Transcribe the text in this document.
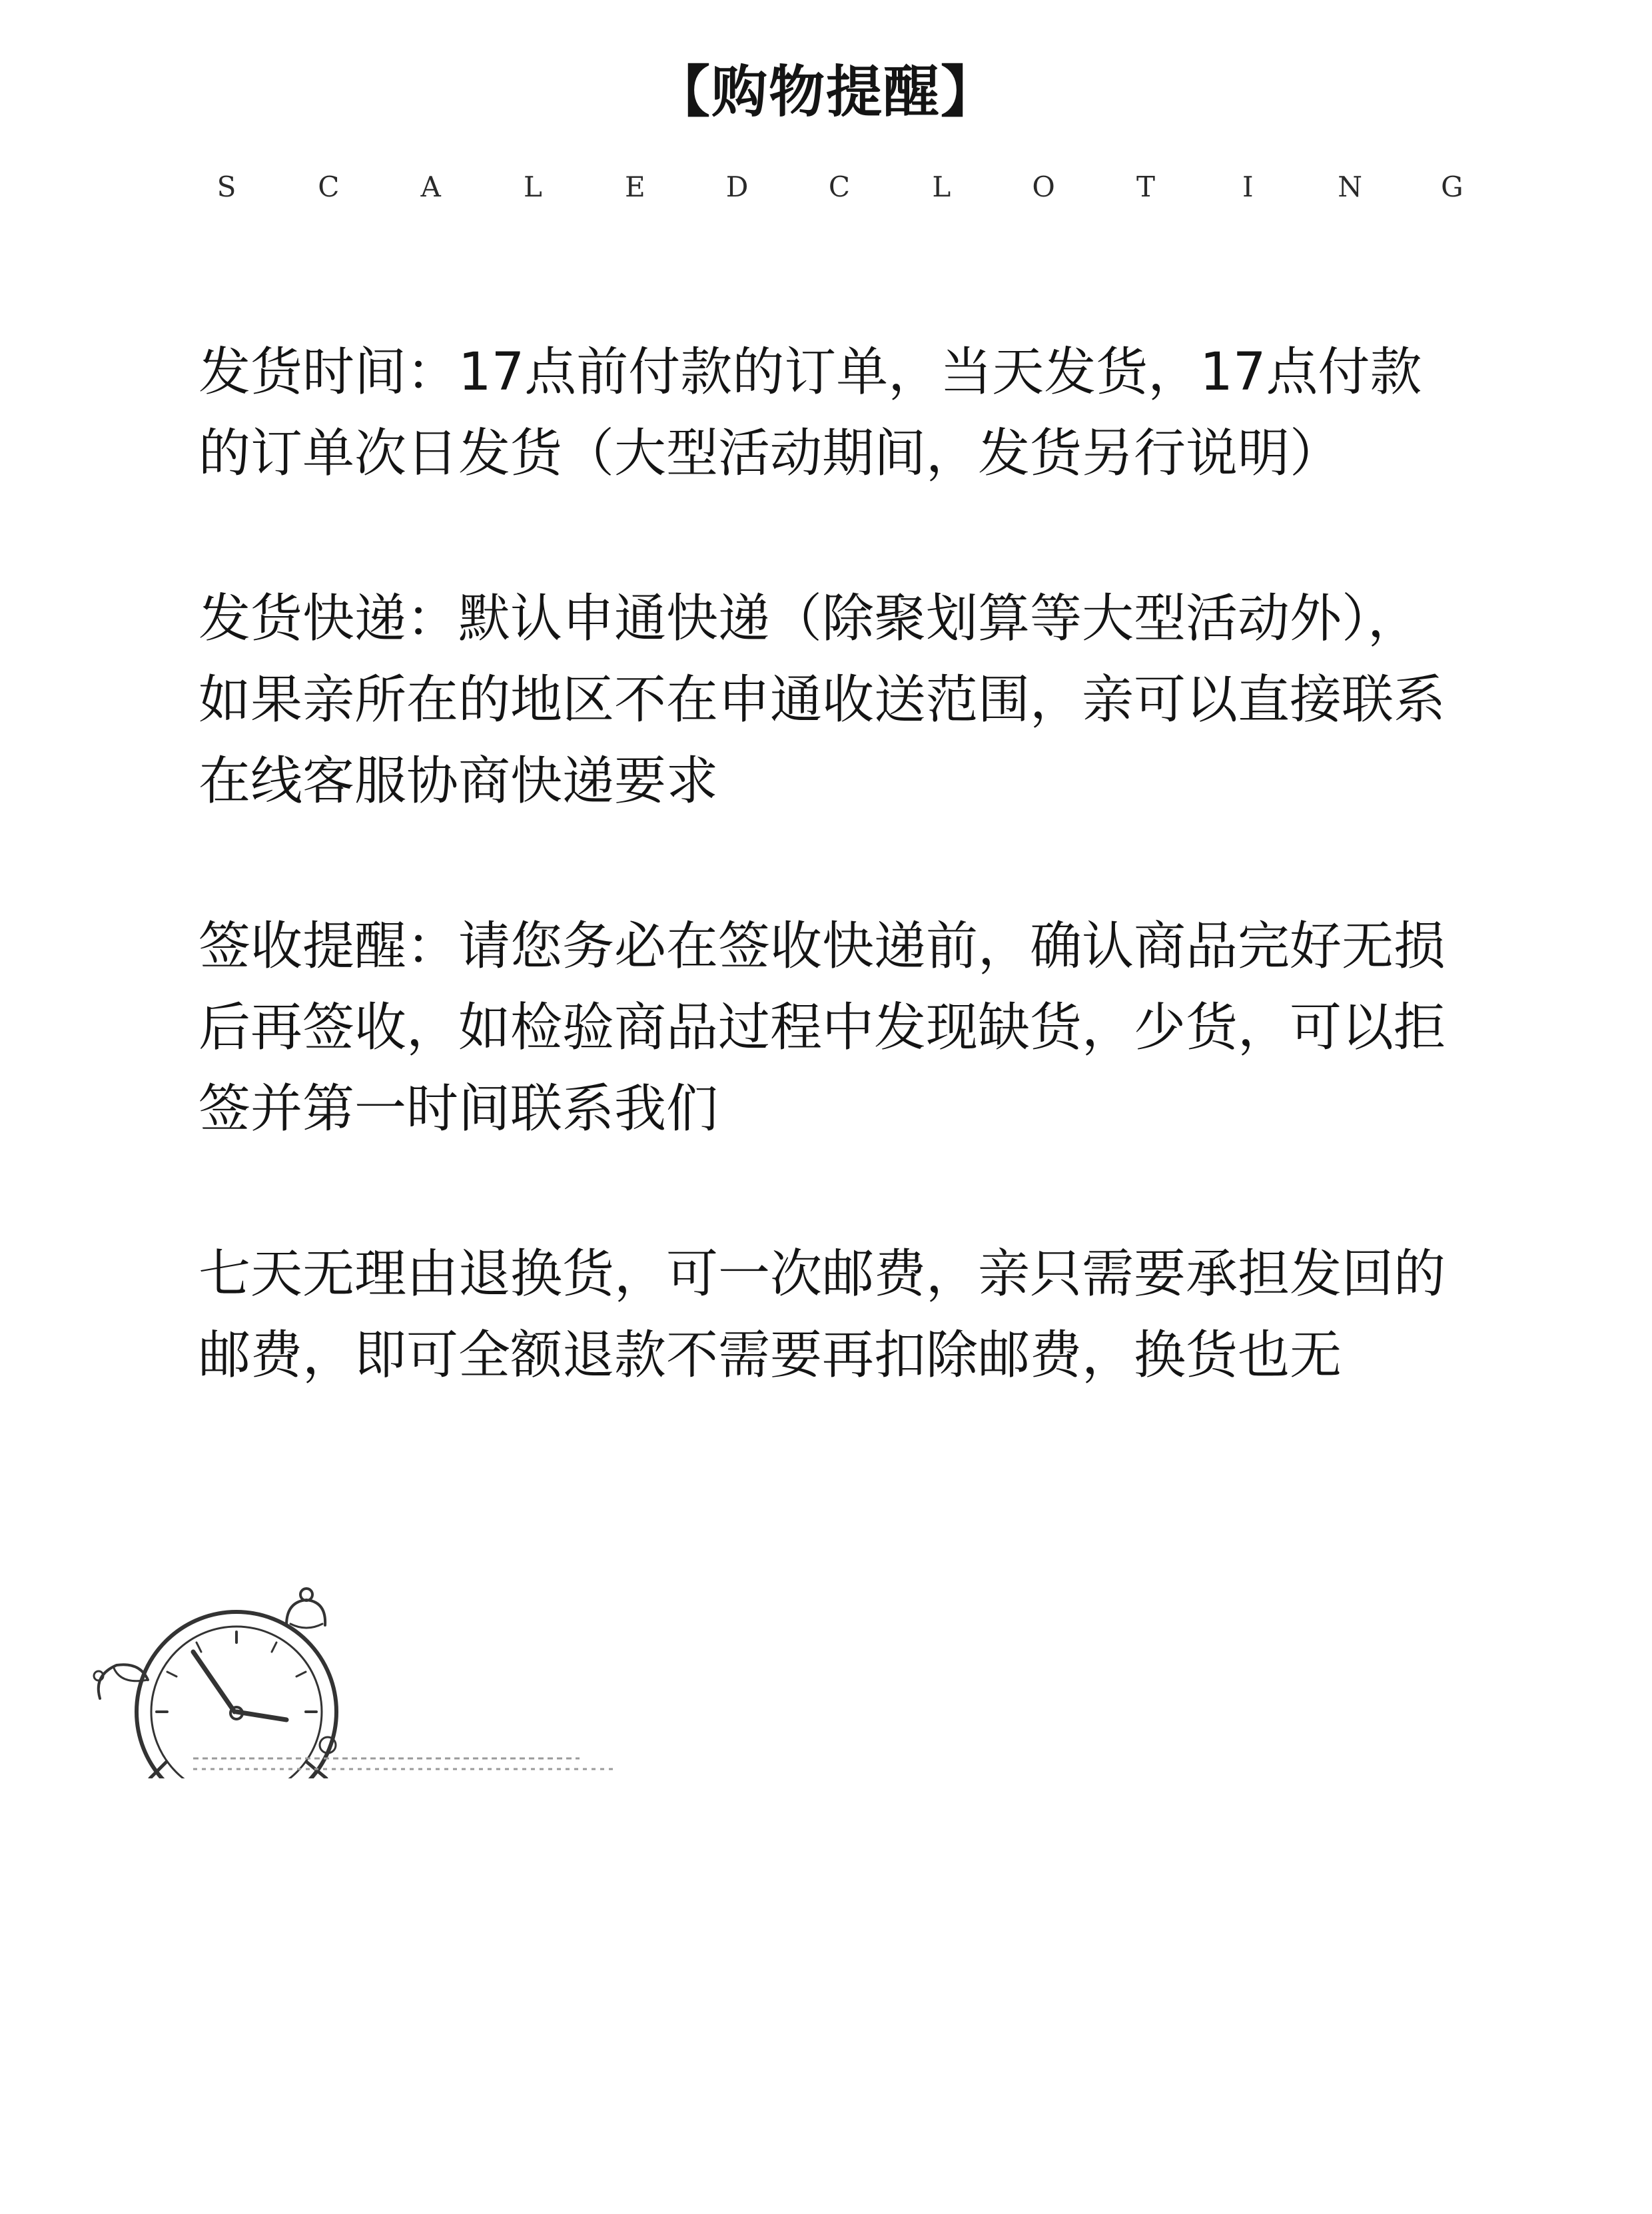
【购物提醒】
S	C	A	L	E	D	C	L	O	T	I	N	G

发货时间：17点前付款的订单，当天发货，17点付款的订单次日发货（大型活动期间，发货另行说明）

发货快递：默认申通快递（除聚划算等大型活动外），如果亲所在的地区不在申通收送范围，亲可以直接联系在线客服协商快递要求

签收提醒：请您务必在签收快递前，确认商品完好无损后再签收，如检验商品过程中发现缺货，少货，可以拒签并第一时间联系我们

七天无理由退换货，可一次邮费，亲只需要承担发回的邮费，即可全额退款不需要再扣除邮费，换货也无
